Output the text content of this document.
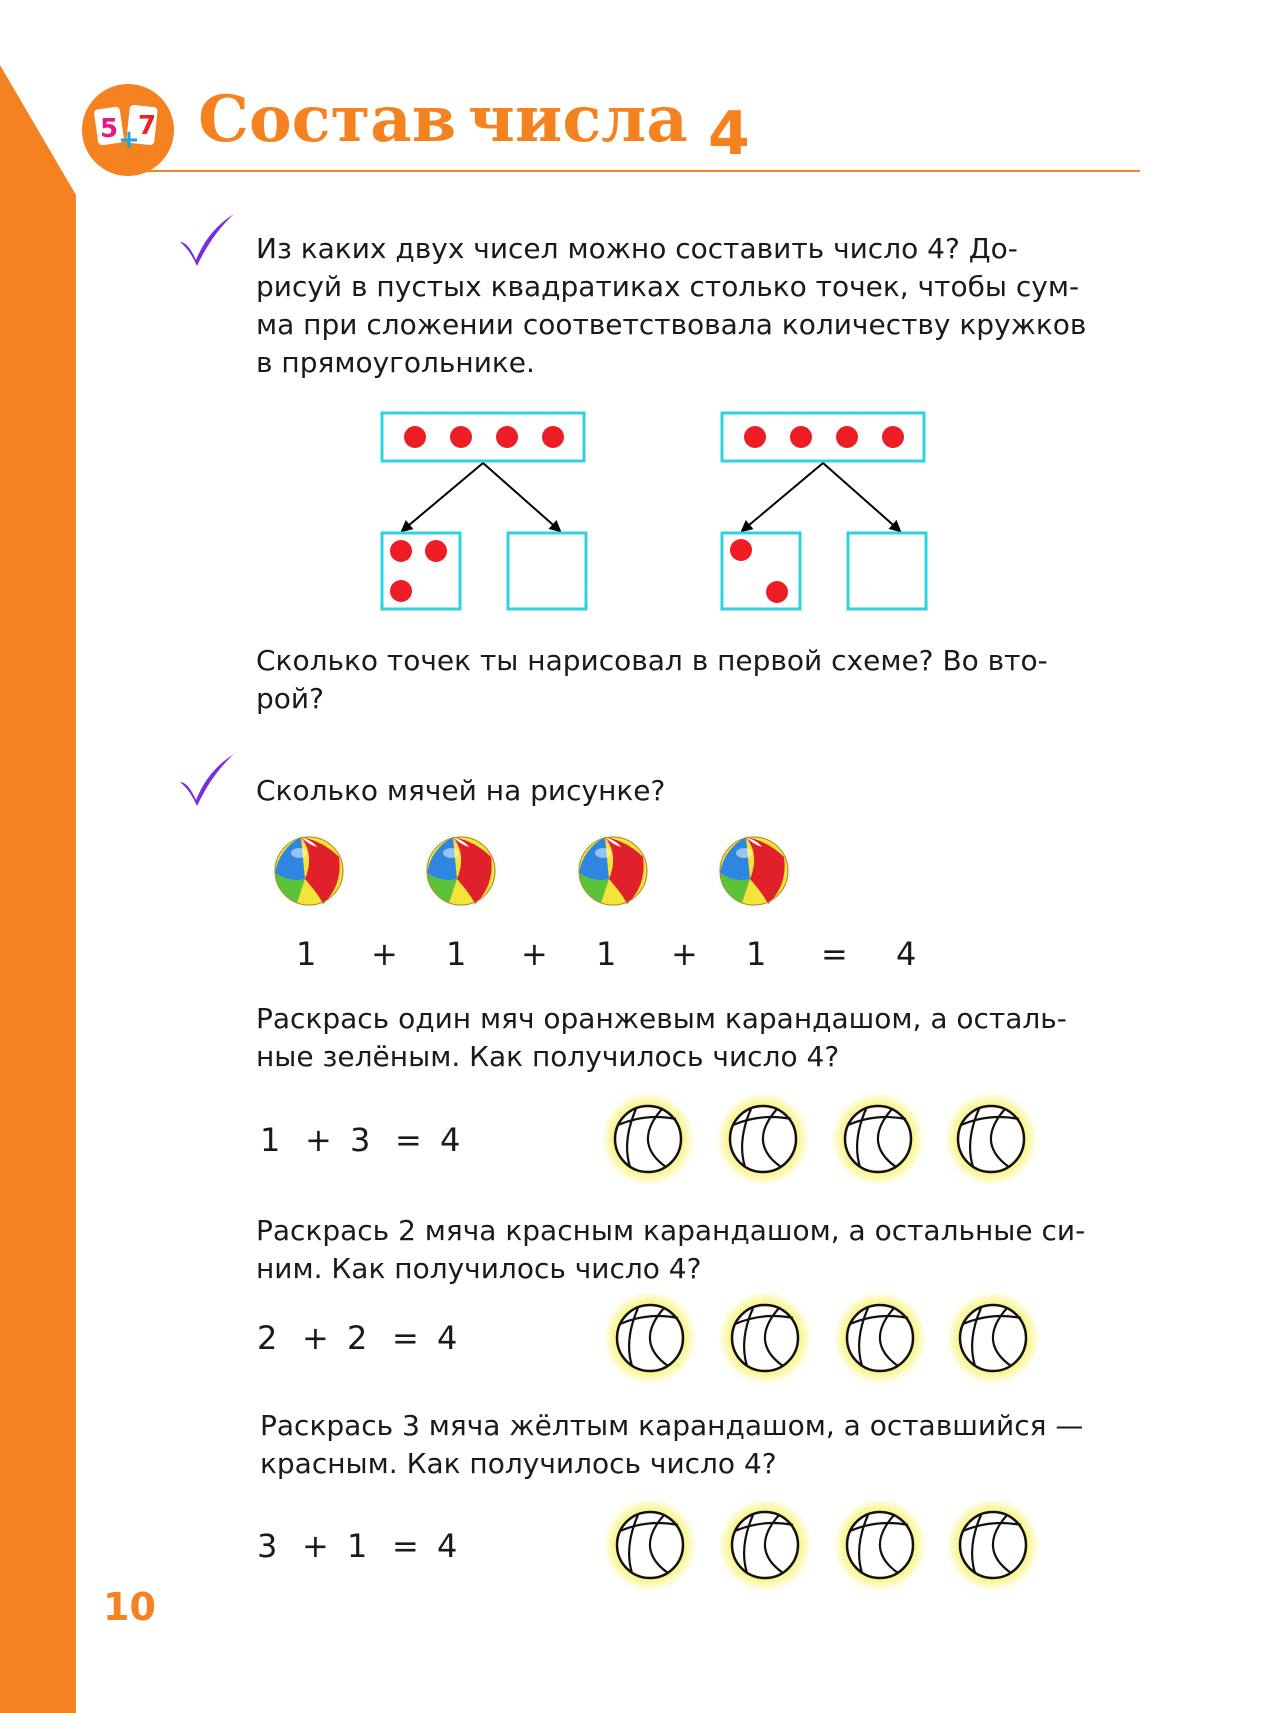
5 +
7 Состав числа 4
Из каких двух чисел можно составить число 4? До-
рисуй в пустых квадратиках столько точек, чтобы сум-
ма при сложении соответствовала количеству кружков
в прямоугольнике.
Сколько точек ты нарисовал в первой схеме? Во вто-
рой?
Сколько мячей на рисунке?
1 + 1 + 1 + 1 = 4
Раскрась один мяч оранжевым карандашом, а осталь-
ные зелёным. Как получилось число 4?
1 + 3 = 4
Раскрась 2 мяча красным карандашом, а остальные си-
ним. Как получилось число 4?
2 + 2 = 4
Раскрась 3 мяча жёлтым карандашом, а оставшийся —
красным. Как получилось число 4?
3 + 1 = 4
10
